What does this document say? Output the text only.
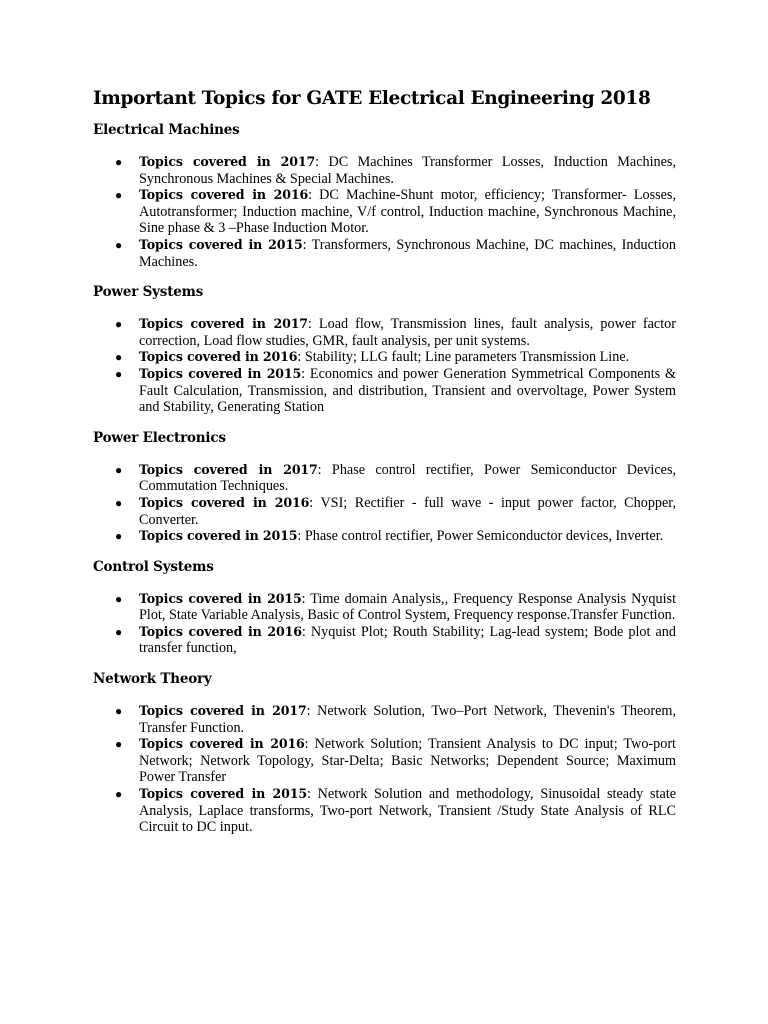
Important Topics for GATE Electrical Engineering 2018
Electrical Machines
● Topics covered in 2017: DC Machines Transformer Losses, Induction Machines, Synchronous Machines & Special Machines.
● Topics covered in 2016: DC Machine-Shunt motor, efficiency; Transformer- Losses, Autotransformer; Induction machine, V/f control, Induction machine, Synchronous Machine, Sine phase & 3 –Phase Induction Motor.
● Topics covered in 2015: Transformers, Synchronous Machine, DC machines, Induction Machines.
Power Systems
● Topics covered in 2017: Load flow, Transmission lines, fault analysis, power factor correction, Load flow studies, GMR, fault analysis, per unit systems.
● Topics covered in 2016: Stability; LLG fault; Line parameters Transmission Line.
● Topics covered in 2015: Economics and power Generation Symmetrical Components & Fault Calculation, Transmission, and distribution, Transient and overvoltage, Power System and Stability, Generating Station
Power Electronics
● Topics covered in 2017: Phase control rectifier, Power Semiconductor Devices, Commutation Techniques.
● Topics covered in 2016: VSI; Rectifier - full wave - input power factor, Chopper, Converter.
● Topics covered in 2015: Phase control rectifier, Power Semiconductor devices, Inverter.
Control Systems
● Topics covered in 2015: Time domain Analysis,, Frequency Response Analysis Nyquist Plot, State Variable Analysis, Basic of Control System, Frequency response.Transfer Function.
● Topics covered in 2016: Nyquist Plot; Routh Stability; Lag-lead system; Bode plot and transfer function,
Network Theory
● Topics covered in 2017: Network Solution, Two–Port Network, Thevenin's Theorem, Transfer Function.
● Topics covered in 2016: Network Solution; Transient Analysis to DC input; Two-port Network; Network Topology, Star-Delta; Basic Networks; Dependent Source; Maximum Power Transfer
● Topics covered in 2015: Network Solution and methodology, Sinusoidal steady state Analysis, Laplace transforms, Two-port Network, Transient /Study State Analysis of RLC Circuit to DC input.
